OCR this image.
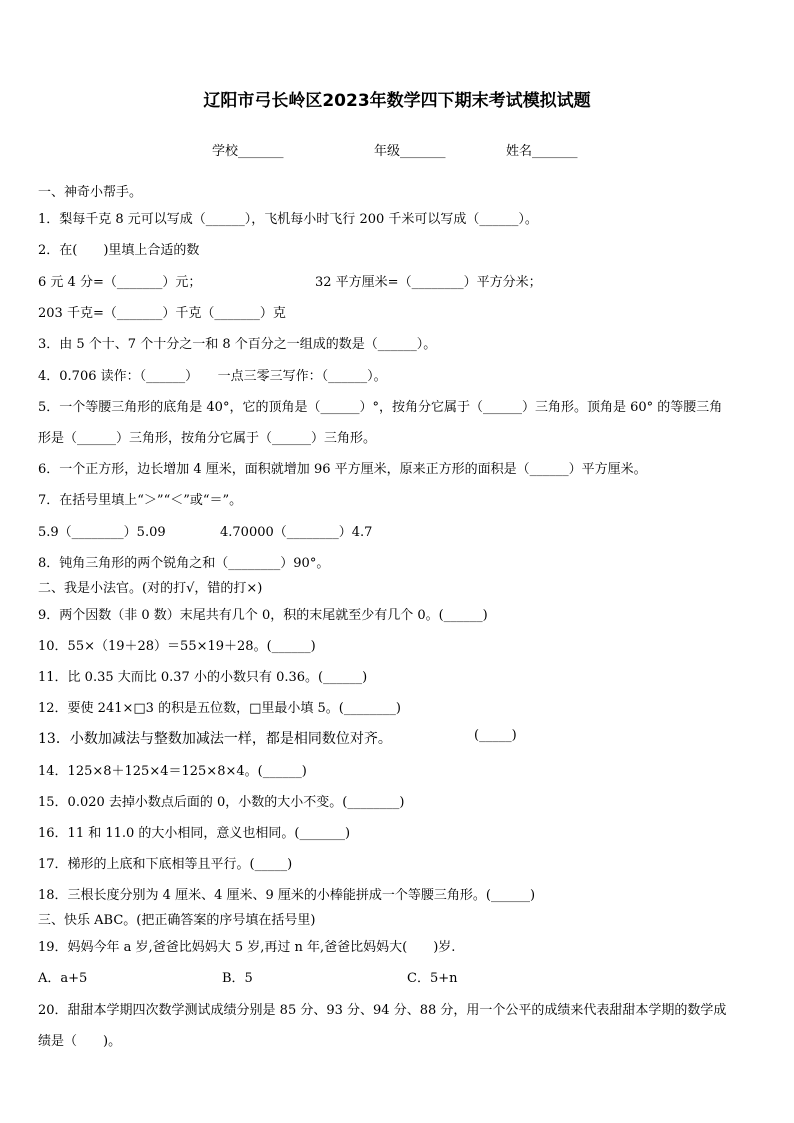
辽阳市弓长岭区2023年数学四下期末考试模拟试题
学校_______	年级_______	姓名_______
一、神奇小帮手。
1．梨每千克 8 元可以写成（______），飞机每小时飞行 200 千米可以写成（______）。
2．在(　　)里填上合适的数
6 元 4 分=（_______）元；	32 平方厘米=（________）平方分米；
203 千克=（_______）千克（_______）克
3．由 5 个十、7 个十分之一和 8 个百分之一组成的数是（______）。
4．0.706 读作：（______）　　一点三零三写作：（______）。
5．一个等腰三角形的底角是 40°，它的顶角是（______）°，按角分它属于（______）三角形。顶角是 60° 的等腰三角
形是（______）三角形，按角分它属于（______）三角形。
6．一个正方形，边长增加 4 厘米，面积就增加 96 平方厘米，原来正方形的面积是（______）平方厘米。
7．在括号里填上“＞”“＜”或“＝”。
5.9（________）5.09	4.70000（________）4.7
8．钝角三角形的两个锐角之和（________）90°。
二、我是小法官。(对的打√，错的打×)
9．两个因数（非 0 数）末尾共有几个 0，积的末尾就至少有几个 0。(______)
10．55×（19＋28）＝55×19＋28。(______)
11．比 0.35 大而比 0.37 小的小数只有 0.36。(______)
12．要使 241×□3 的积是五位数，□里最小填 5。(________)
13．小数加减法与整数加减法一样，都是相同数位对齐。	(_____)
14．125×8＋125×4＝125×8×4。(______)
15．0.020 去掉小数点后面的 0，小数的大小不变。(________)
16．11 和 11.0 的大小相同，意义也相同。(_______)
17．梯形的上底和下底相等且平行。(_____)
18．三根长度分别为 4 厘米、4 厘米、9 厘米的小棒能拼成一个等腰三角形。(______)
三、快乐 ABC。(把正确答案的序号填在括号里)
19．妈妈今年 a 岁,爸爸比妈妈大 5 岁,再过 n 年,爸爸比妈妈大(　　)岁.
A．a+5	B．5	C．5+n
20．甜甜本学期四次数学测试成绩分别是 85 分、93 分、94 分、88 分，用一个公平的成绩来代表甜甜本学期的数学成
绩是（　　)。
